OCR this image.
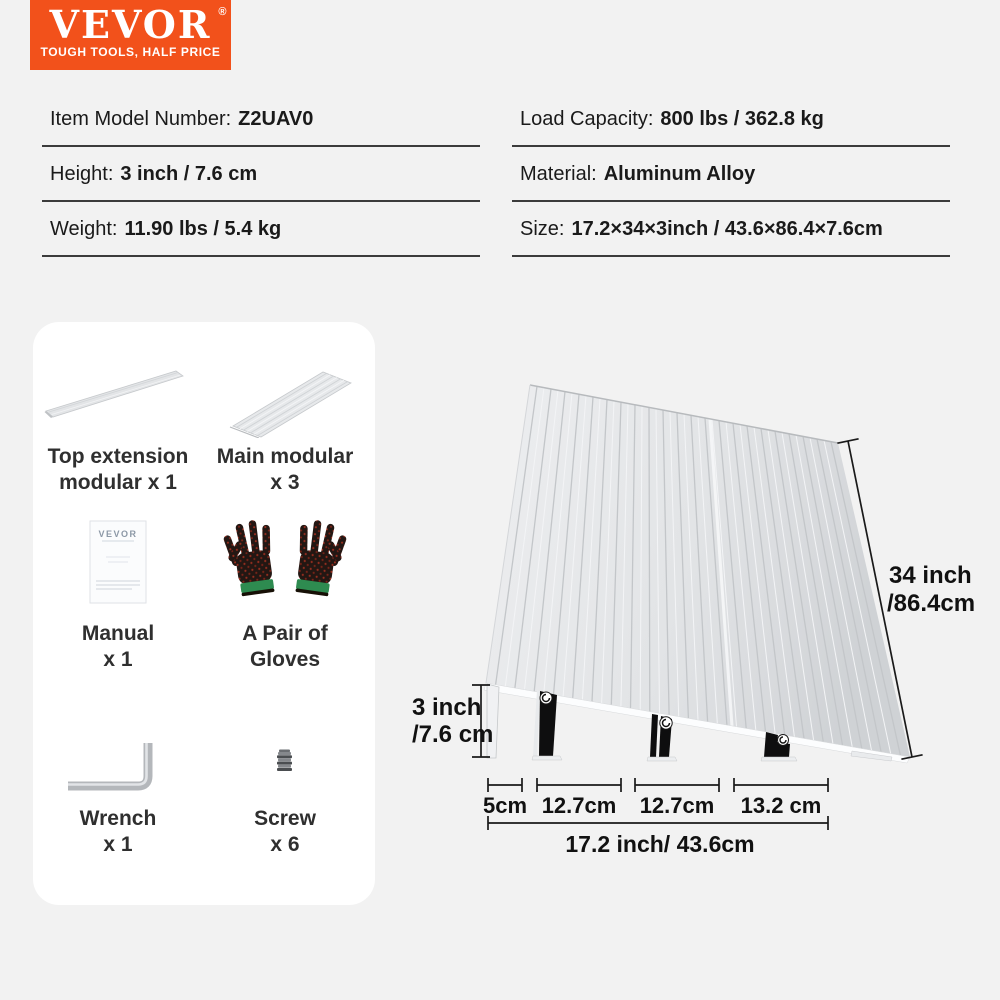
VEVOR ®
TOUGH TOOLS, HALF PRICE
Item Model Number: Z2UAV0
Height: 3 inch / 7.6 cm
Weight: 11.90 lbs / 5.4 kg
Load Capacity: 800 lbs / 362.8 kg
Material: Aluminum Alloy
Size: 17.2×34×3inch / 43.6×86.4×7.6cm
Top extension
modular x 1
Main modular
x 3
VEVOR
Manual
x 1
A Pair of
Gloves
Wrench
x 1
Screw
x 6
34 inch
/86.4cm
3 inch
/7.6 cm
5cm 12.7cm 12.7cm 13.2 cm
17.2 inch/ 43.6cm
